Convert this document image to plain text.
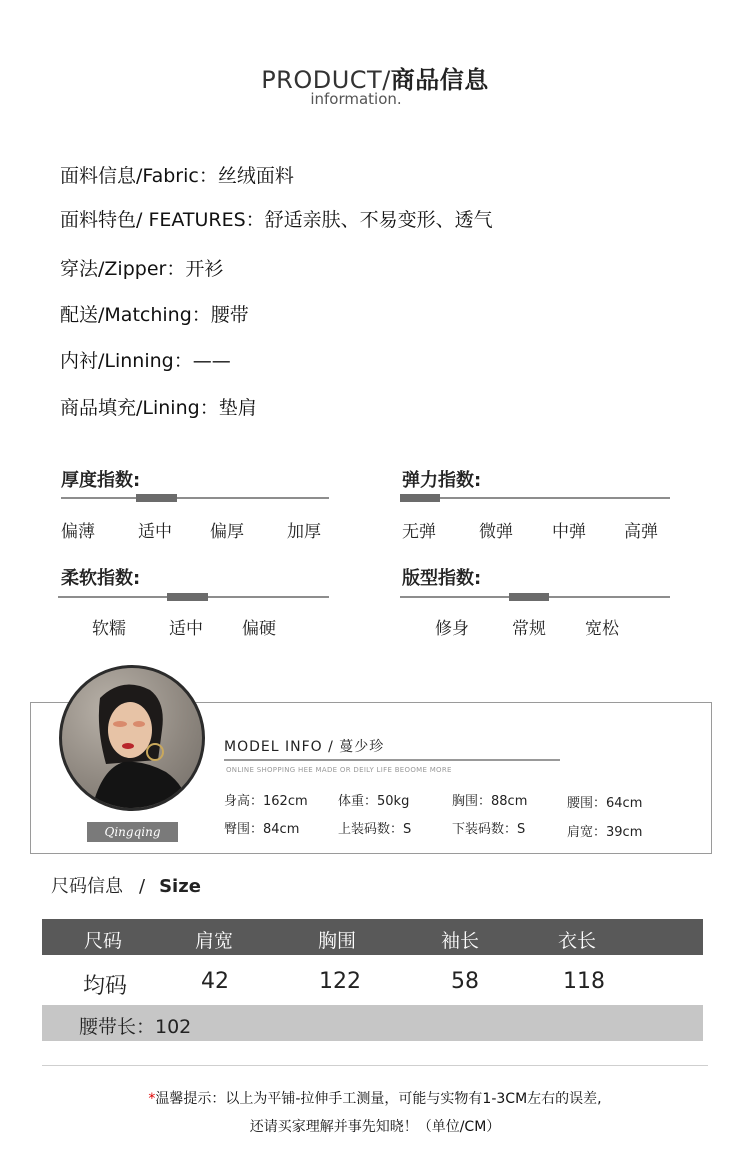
PRODUCT/商品信息
information.
面料信息/Fabric：丝绒面料
面料特色/ FEATURES：舒适亲肤、不易变形、透气
穿法/Zipper：开衫
配送/Matching：腰带
内衬/Linning：——
商品填充/Lining：垫肩
厚度指数:
偏薄	适中 偏厚	加厚
弹力指数:
无弹	微弹 中弹 高弹
柔软指数:
软糯	适中 偏硬
版型指数:
修身	常规 宽松
Qingqing
MODEL INFO / 蔓少珍
ONLINE SHOPPING HEE MADE OR DEILY LIFE BEOOME MORE
身高：162cm 体重：50kg	胸围：88cm	腰围：64cm
臀围：84cm	上装码数：S	下装码数：S	肩宽：39cm
尺码信息 / Size
尺码	肩宽	胸围	袖长	衣长
均码	42	122	58	118
腰带长：102
*温馨提示：以上为平铺-拉伸手工测量，可能与实物有1-3CM左右的误差,
还请买家理解并事先知晓！（单位/CM）
